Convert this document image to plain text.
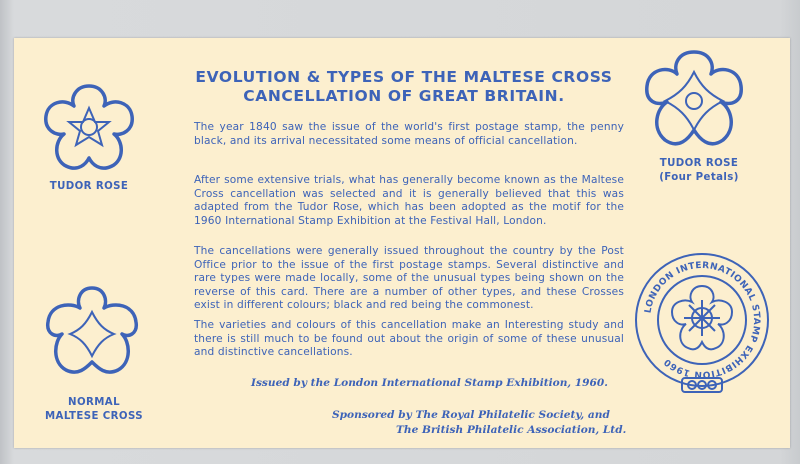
TUDOR ROSE
TUDOR ROSE
(Four Petals)
NORMAL
MALTESE CROSS
LONDON INTERNATIONAL STAMP EXHIBITION 1960
EVOLUTION & TYPES OF THE MALTESE CROSS
CANCELLATION OF GREAT BRITAIN.
The year 1840 saw the issue of the world's first postage stamp, the penny black, and its arrival necessitated some means of official cancellation.
After some extensive trials, what has generally become known as the Maltese Cross cancellation was selected and it is generally believed that this was adapted from the Tudor Rose, which has been adopted as the motif for the 1960 International Stamp Exhibition at the Festival Hall, London.
The cancellations were generally issued throughout the country by the Post Office prior to the issue of the first postage stamps. Several distinctive and rare types were made locally, some of the unusual types being shown on the reverse of this card. There are a number of other types, and these Crosses exist in different colours; black and red being the commonest.
The varieties and colours of this cancellation make an Interesting study and there is still much to be found out about the origin of some of these unusual and distinctive cancellations.
Issued by the London International Stamp Exhibition, 1960.
Sponsored by The Royal Philatelic Society, and
The British Philatelic Association, Ltd.
